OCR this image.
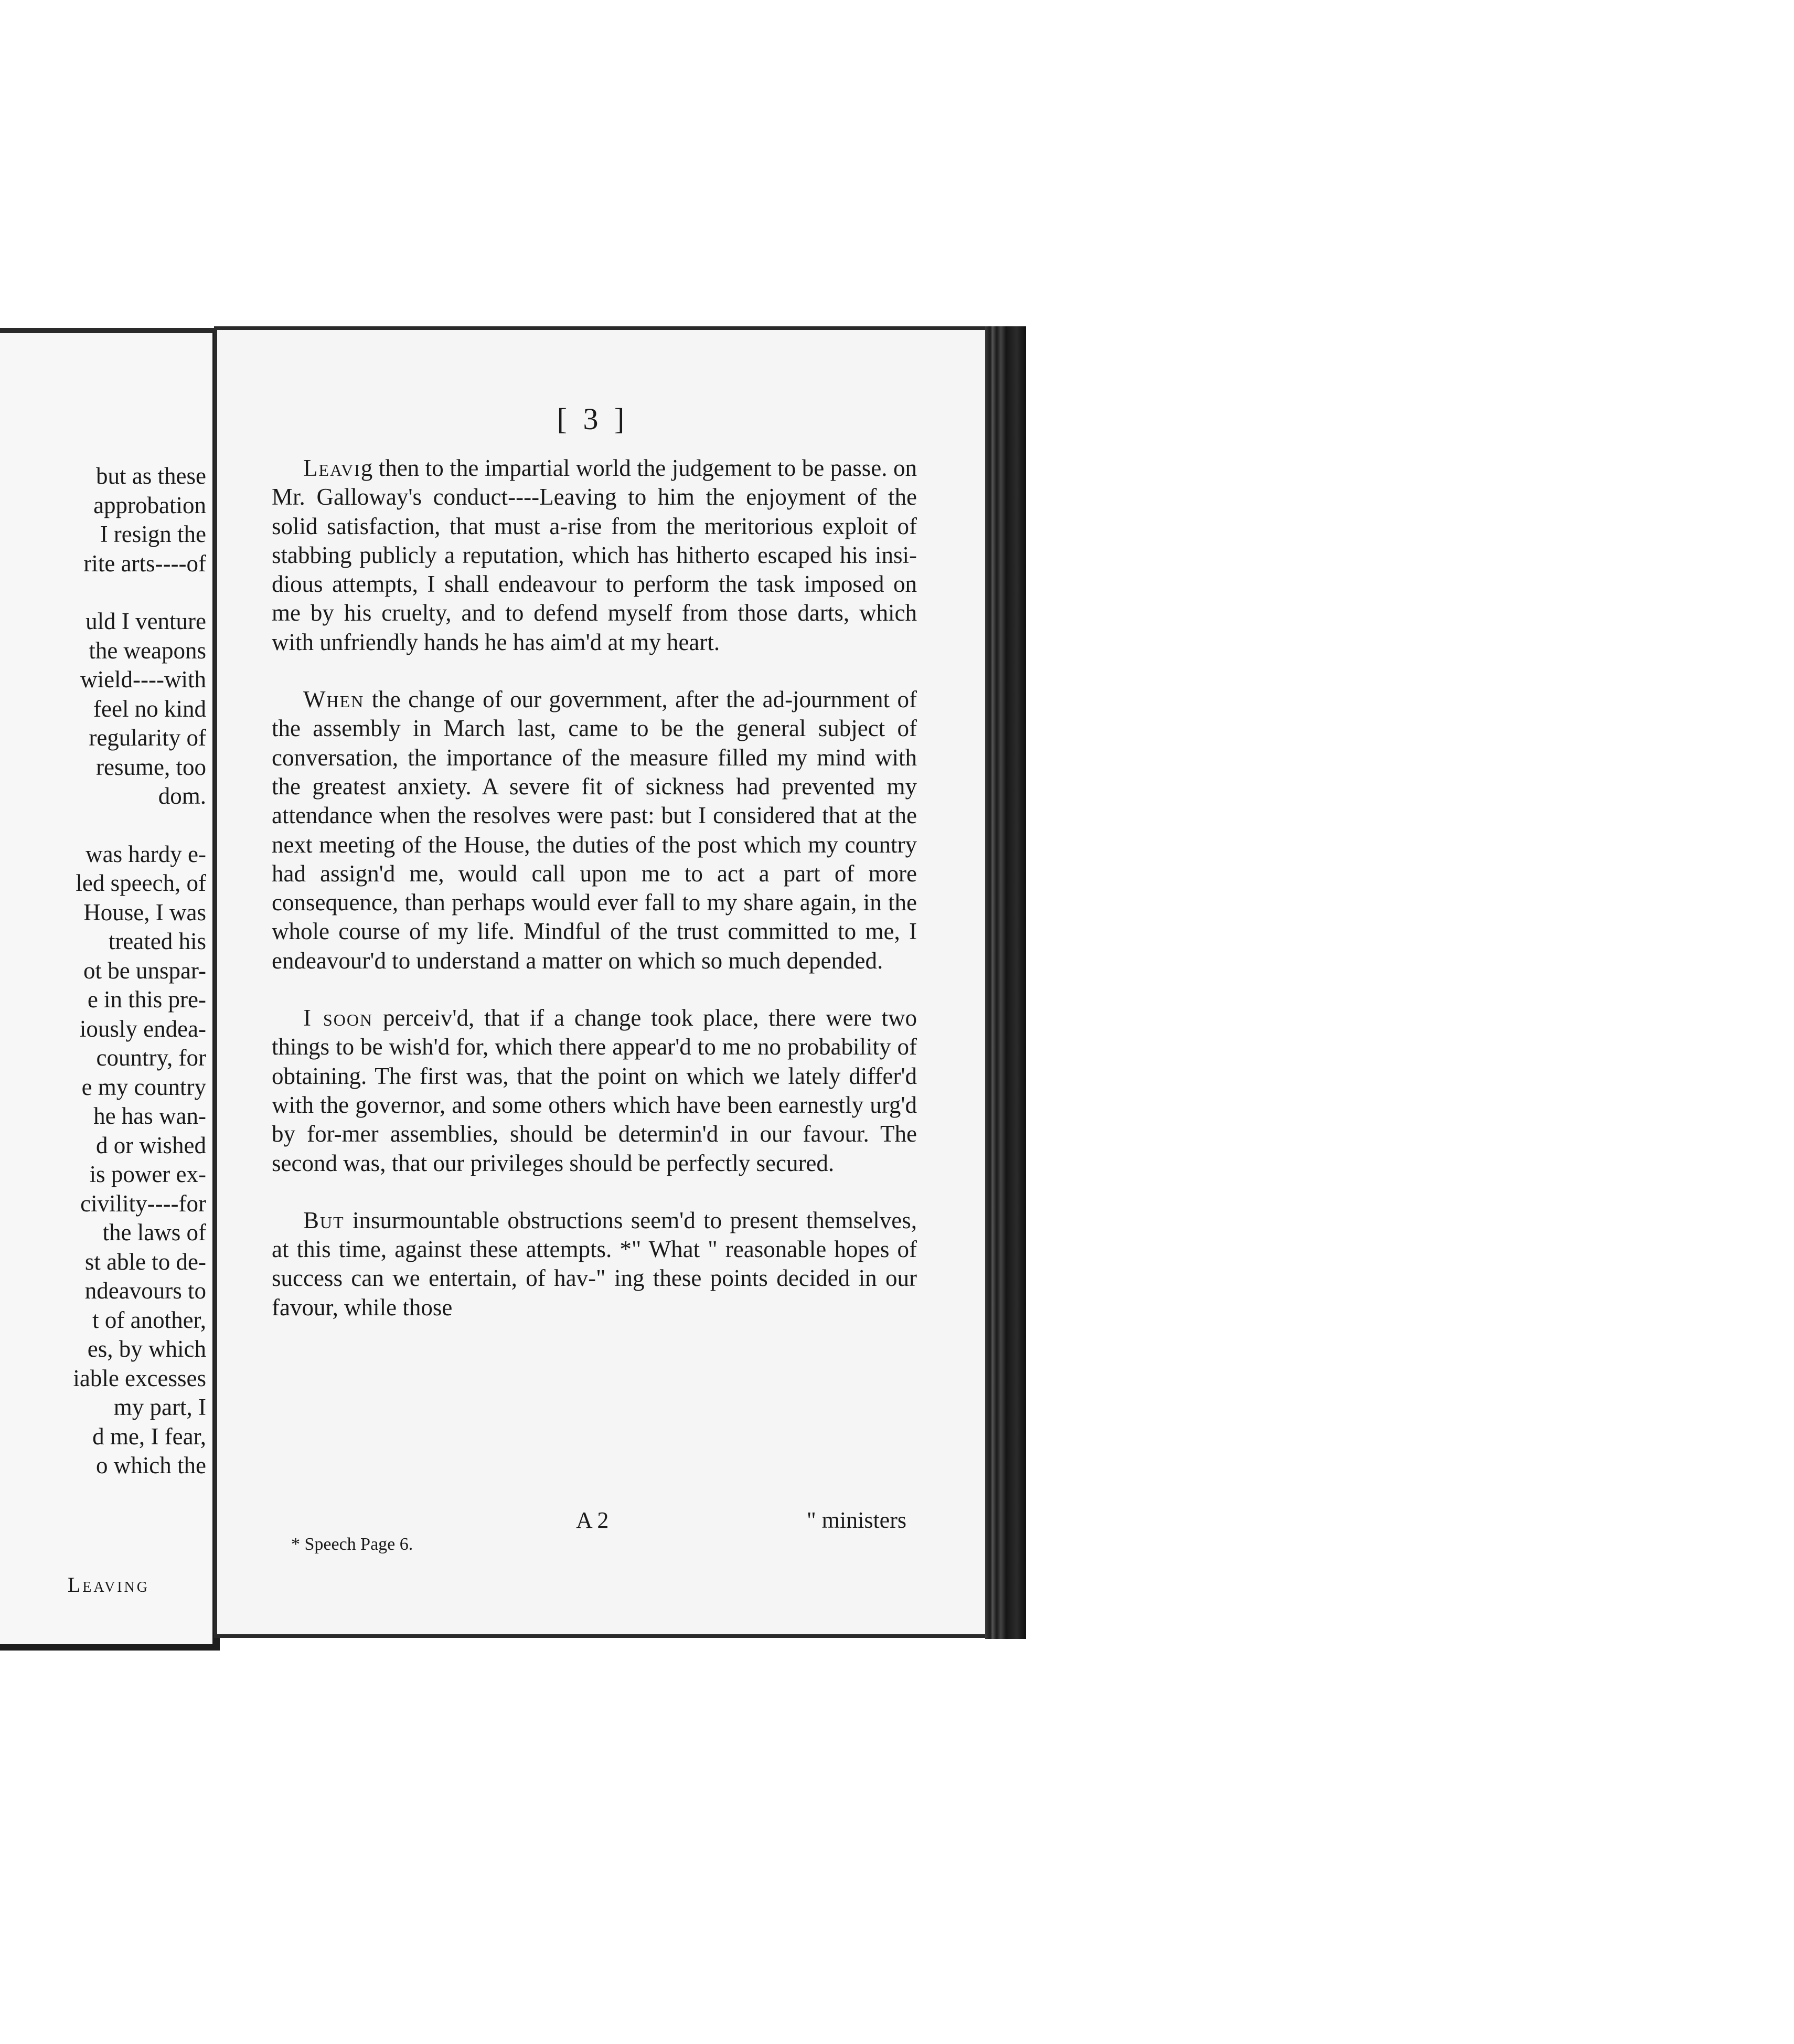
but as these
approbation
I resign the
rite arts----of
uld I venture
the weapons
wield----with
feel no kind
regularity of
resume, too
dom.
was hardy e-
led speech, of
House, I was
treated his
ot be unspar-
e in this pre-
iously endea-
country, for
e my country
he has wan-
d or wished
is power ex-
civility----for
the laws of
st able to de-
ndeavours to
t of another,
es, by which
iable excesses
my part, I
d me, I fear,
o which the
Leaving
[ 3 ]

Leavig then to the impartial world the judgement to be passe. on Mr. Galloway's conduct----Leaving to him the enjoyment of the solid satisfaction, that must a-rise from the meritorious exploit of stabbing publicly a reputation, which has hitherto escaped his insi-dious attempts, I shall endeavour to perform the task imposed on me by his cruelty, and to defend myself from those darts, which with unfriendly hands he has aim'd at my heart.

When the change of our government, after the ad-journment of the assembly in March last, came to be the general subject of conversation, the importance of the measure filled my mind with the greatest anxiety. A severe fit of sickness had prevented my attendance when the resolves were past: but I considered that at the next meeting of the House, the duties of the post which my country had assign'd me, would call upon me to act a part of more consequence, than perhaps would ever fall to my share again, in the whole course of my life. Mindful of the trust committed to me, I endeavour'd to understand a matter on which so much depended.

I soon perceiv'd, that if a change took place, there were two things to be wish'd for, which there appear'd to me no probability of obtaining. The first was, that the point on which we lately differ'd with the governor, and some others which have been earnestly urg'd by for-mer assemblies, should be determin'd in our favour. The second was, that our privileges should be perfectly secured.

But insurmountable obstructions seem'd to present themselves, at this time, against these attempts. *" What " reasonable hopes of success can we entertain, of hav-" ing these points decided in our favour, while those

A 2	" ministers
* Speech Page 6.
